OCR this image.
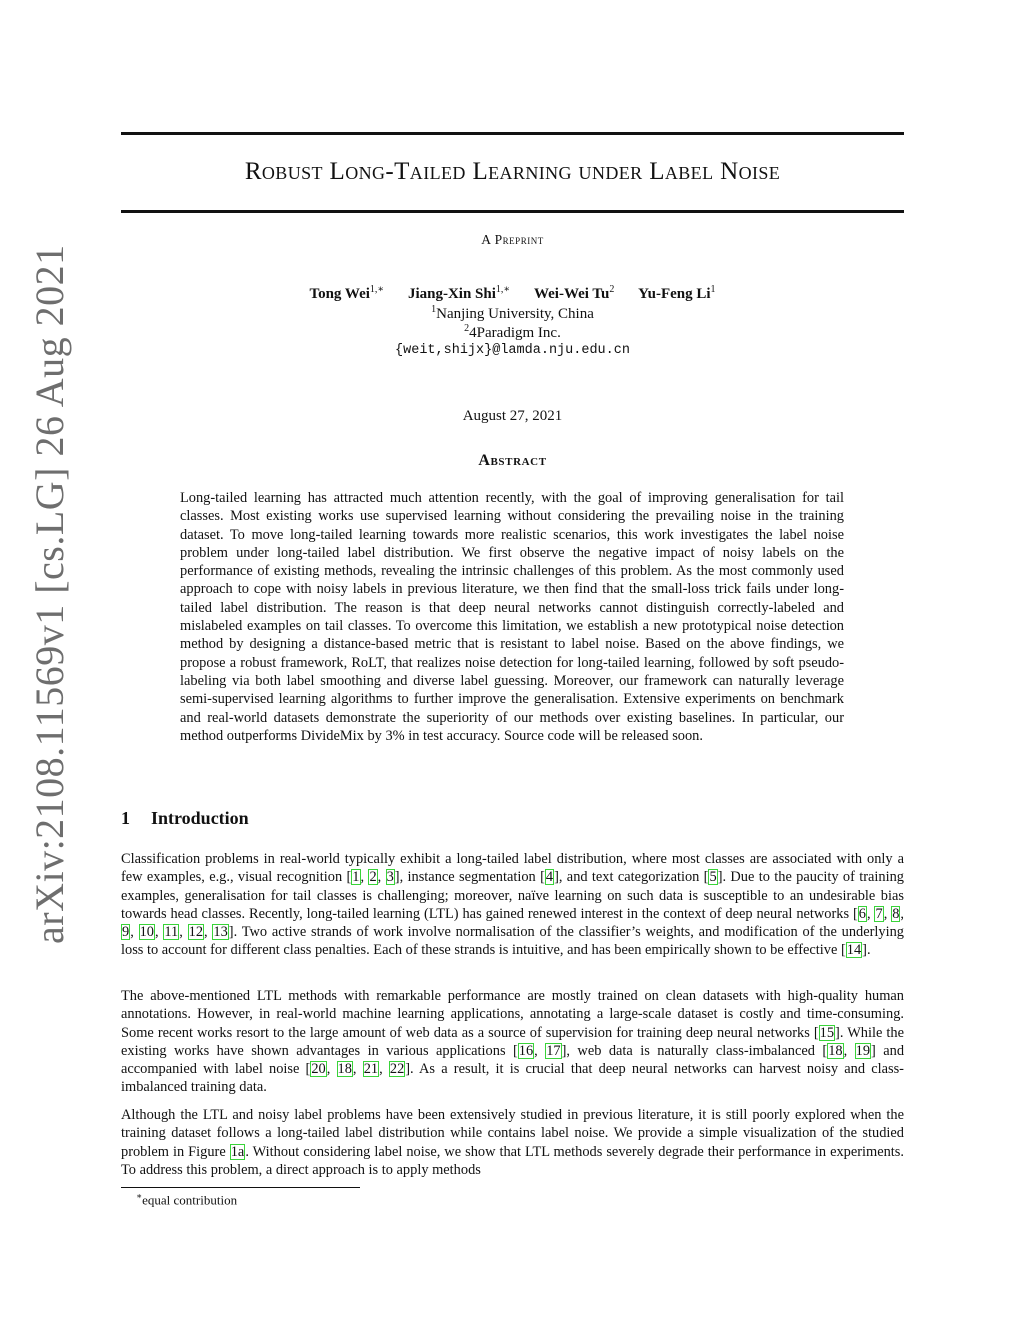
arXiv:2108.11569v1 [cs.LG] 26 Aug 2021
Robust Long-Tailed Learning under Label Noise
A Preprint
Tong Wei$^{1,∗}$ Jiang-Xin Shi$^{1,∗}$ Wei-Wei Tu$^2$ Yu-Feng Li$^1$
$^1$Nanjing University, China
$^2$4Paradigm Inc.
{weit,shijx}@lamda.nju.edu.cn
August 27, 2021
Abstract

Long-tailed learning has attracted much attention recently, with the goal of improving generalisation for tail classes. Most existing works use supervised learning without considering the prevailing noise in the training dataset. To move long-tailed learning towards more realistic scenarios, this work investigates the label noise problem under long-tailed label distribution. We first observe the negative impact of noisy labels on the performance of existing methods, revealing the intrinsic challenges of this problem. As the most commonly used approach to cope with noisy labels in previous literature, we then find that the small-loss trick fails under long-tailed label distribution. The reason is that deep neural networks cannot distinguish correctly-labeled and mislabeled examples on tail classes. To overcome this limitation, we establish a new prototypical noise detection method by designing a distance-based metric that is resistant to label noise. Based on the above findings, we propose a robust framework, RoLT, that realizes noise detection for long-tailed learning, followed by soft pseudo-labeling via both label smoothing and diverse label guessing. Moreover, our framework can naturally leverage semi-supervised learning algorithms to further improve the generalisation. Extensive experiments on benchmark and real-world datasets demonstrate the superiority of our methods over existing baselines. In particular, our method outperforms DivideMix by 3% in test accuracy. Source code will be released soon.

1 Introduction

Classification problems in real-world typically exhibit a long-tailed label distribution, where most classes are associated with only a few examples, e.g., visual recognition [1, 2, 3], instance segmentation [4], and text categorization [5]. Due to the paucity of training examples, generalisation for tail classes is challenging; moreover, naïve learning on such data is susceptible to an undesirable bias towards head classes. Recently, long-tailed learning (LTL) has gained renewed interest in the context of deep neural networks [6, 7, 8, 9, 10, 11, 12, 13]. Two active strands of work involve normalisation of the classifier’s weights, and modification of the underlying loss to account for different class penalties. Each of these strands is intuitive, and has been empirically shown to be effective [14].

The above-mentioned LTL methods with remarkable performance are mostly trained on clean datasets with high-quality human annotations. However, in real-world machine learning applications, annotating a large-scale dataset is costly and time-consuming. Some recent works resort to the large amount of web data as a source of supervision for training deep neural networks [15]. While the existing works have shown advantages in various applications [16, 17], web data is naturally class-imbalanced [18, 19] and accompanied with label noise [20, 18, 21, 22]. As a result, it is crucial that deep neural networks can harvest noisy and class-imbalanced training data.

Although the LTL and noisy label problems have been extensively studied in previous literature, it is still poorly explored when the training dataset follows a long-tailed label distribution while contains label noise. We provide a simple visualization of the studied problem in Figure 1a. Without considering label noise, we show that LTL methods severely degrade their performance in experiments. To address this problem, a direct approach is to apply methods

∗equal contribution
